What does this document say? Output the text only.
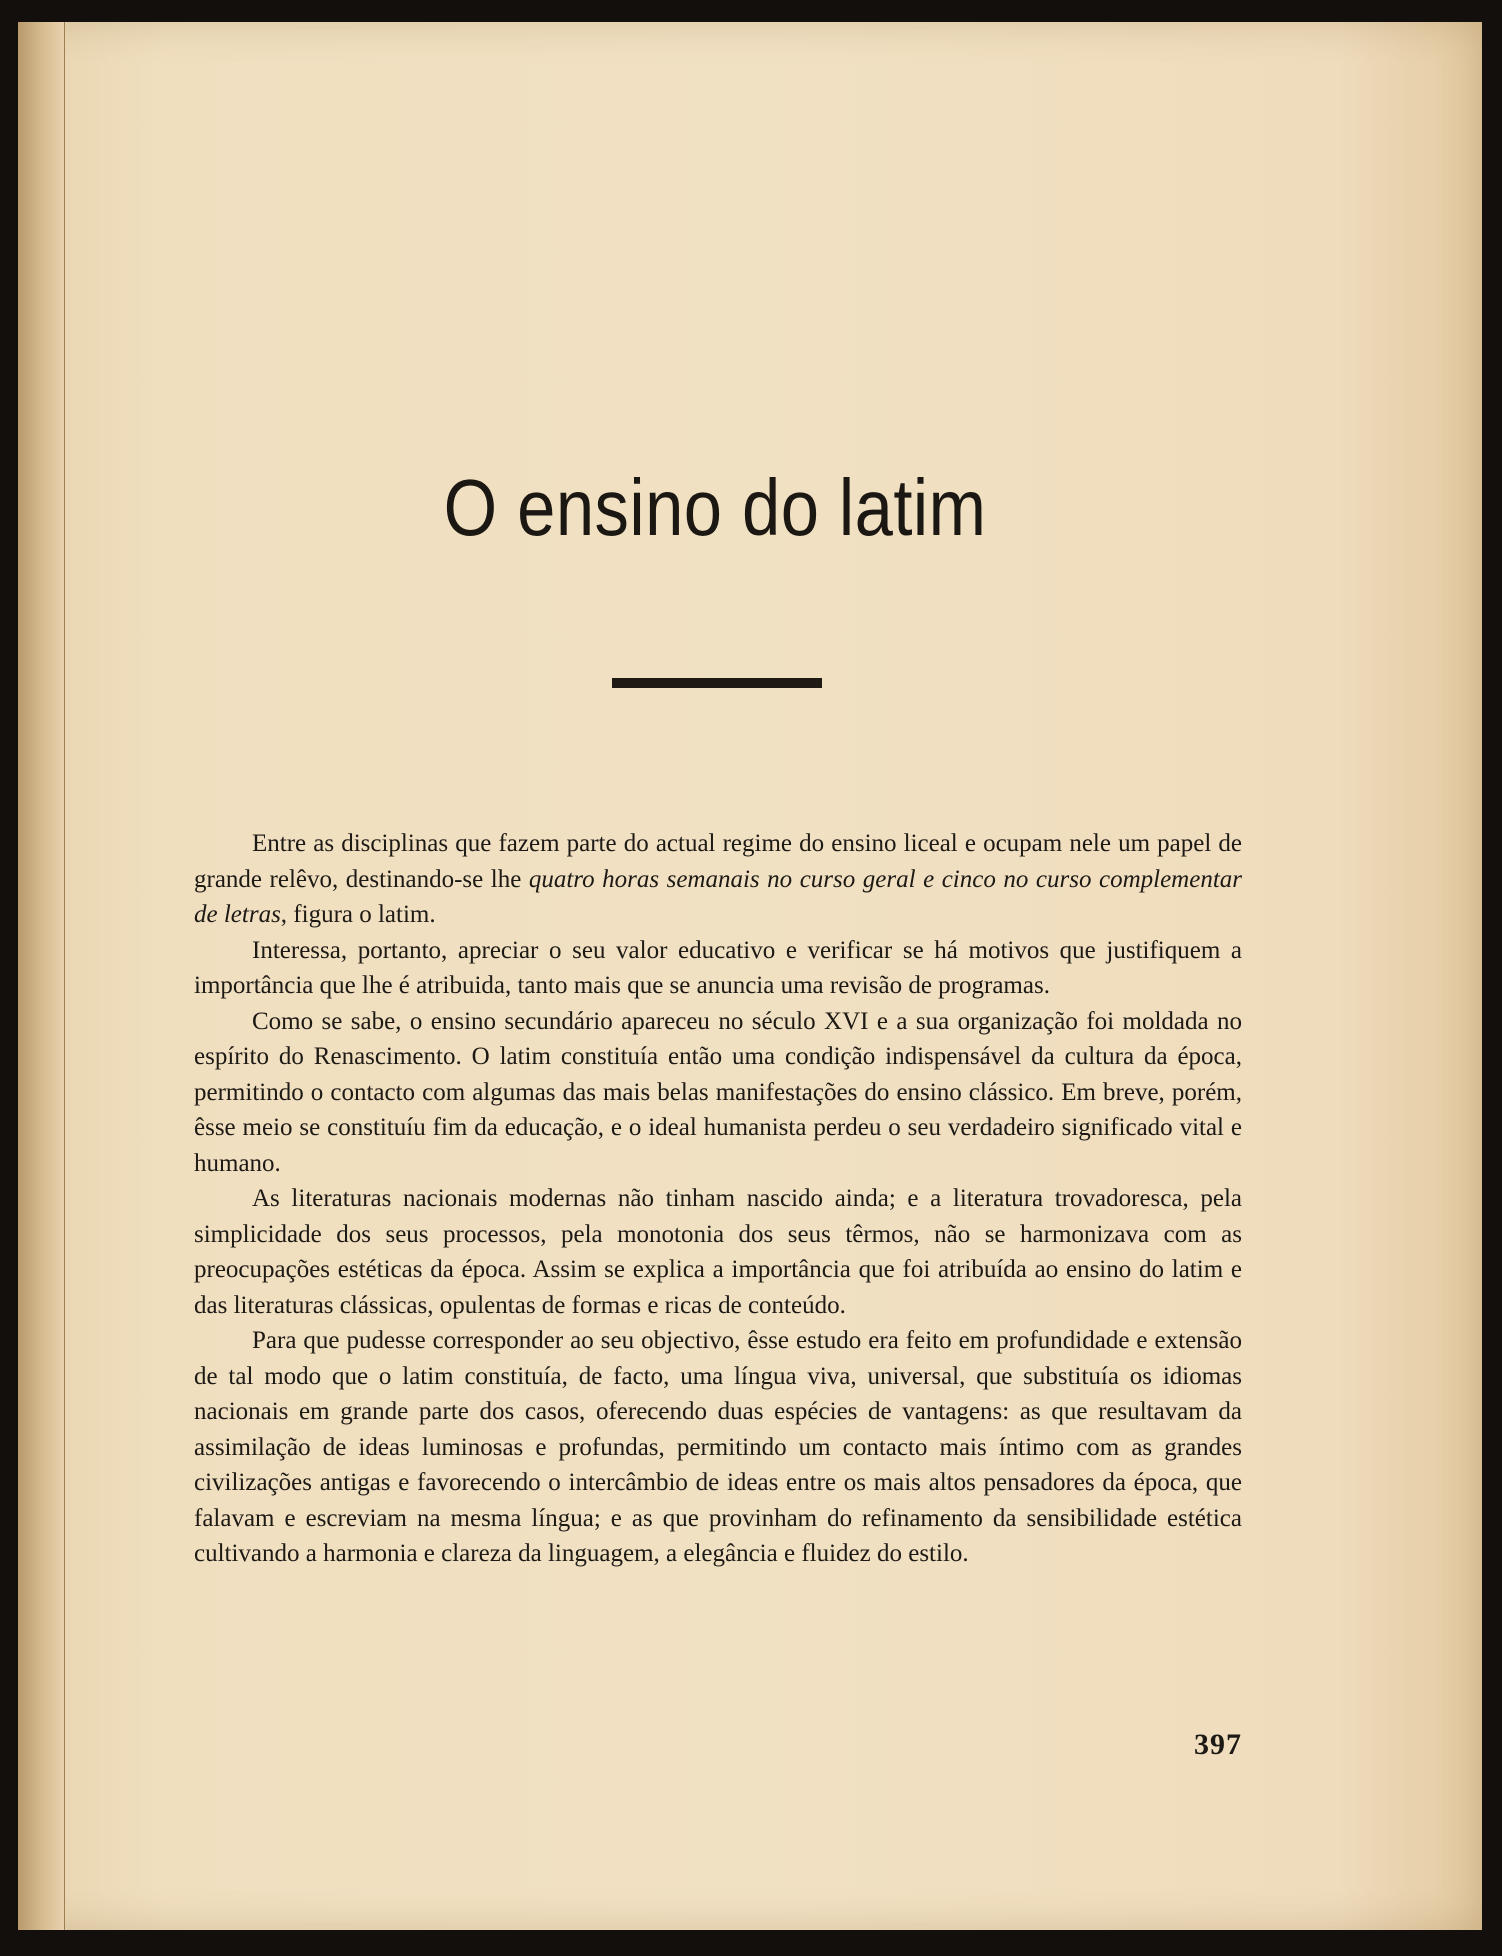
O ensino do latim

Entre as disciplinas que fazem parte do actual regime do ensino liceal e ocupam nele um papel de grande relêvo, destinando-se lhe quatro horas semanais no curso geral e cinco no curso complementar de letras, figura o latim.

Interessa, portanto, apreciar o seu valor educativo e verificar se há motivos que justifiquem a importância que lhe é atribuida, tanto mais que se anuncia uma revisão de programas.

Como se sabe, o ensino secundário apareceu no século XVI e a sua organização foi moldada no espírito do Renascimento. O latim constituía então uma condição indispensável da cultura da época, permitindo o contacto com algumas das mais belas manifestações do ensino clássico. Em breve, porém, êsse meio se constituíu fim da educação, e o ideal humanista perdeu o seu verdadeiro significado vital e humano.

As literaturas nacionais modernas não tinham nascido ainda; e a literatura trovadoresca, pela simplicidade dos seus processos, pela monotonia dos seus têrmos, não se harmonizava com as preocupações estéticas da época. Assim se explica a importância que foi atribuída ao ensino do latim e das literaturas clássicas, opulentas de formas e ricas de conteúdo.

Para que pudesse corresponder ao seu objectivo, êsse estudo era feito em profundidade e extensão de tal modo que o latim constituía, de facto, uma língua viva, universal, que substituía os idiomas nacionais em grande parte dos casos, oferecendo duas espécies de vantagens: as que resultavam da assimilação de ideas luminosas e profundas, permitindo um contacto mais íntimo com as grandes civilizações antigas e favorecendo o intercâmbio de ideas entre os mais altos pensadores da época, que falavam e escreviam na mesma língua; e as que provinham do refinamento da sensibilidade estética cultivando a harmonia e clareza da linguagem, a elegância e fluidez do estilo.

397
